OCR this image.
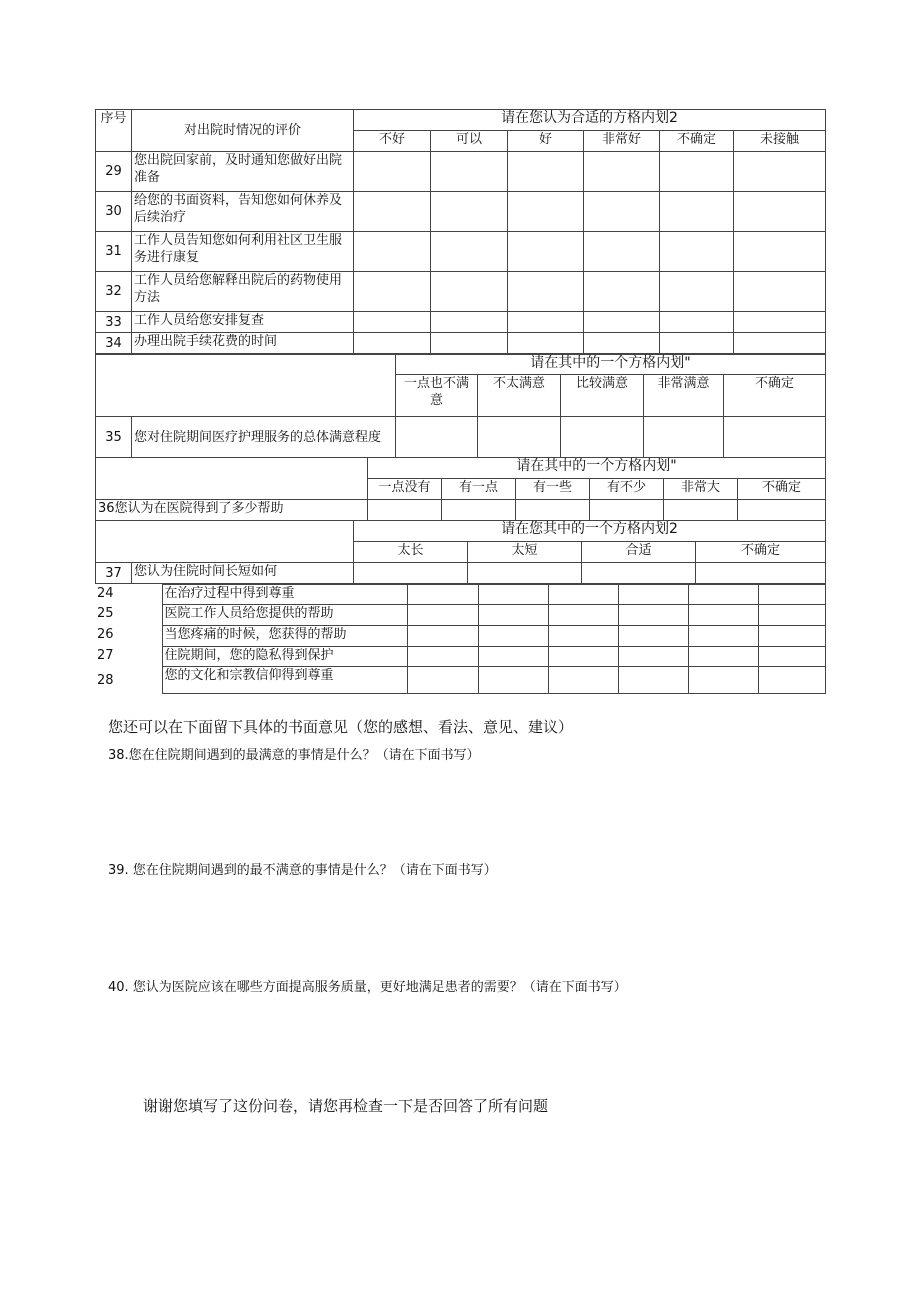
序号	对出院时情况的评价	请在您认为合适的方格内划2					
		不好	可以	好	非常好	不确定	未接触
29	您出院回家前，及时通知您做好出院准备						
30	给您的书面资料，告知您如何休养及后续治疗						
31	工作人员告知您如何利用社区卫生服务进行康复						
32	工作人员给您解释出院后的药物使用方法						
33	工作人员给您安排复查						
34	办理出院手续花费的时间						
		请在其中的一个方格内划"				
		一点也不满意	不太满意	比较满意	非常满意	不确定
35	您对住院期间医疗护理服务的总体满意程度					
	请在其中的一个方格内划"					
	一点没有	有一点	有一些	有不少	非常大	不确定
36您认为在医院得到了多少帮助						
		请在您其中的一个方格内划2			
		太长	太短	合适	不确定
37	您认为住院时间长短如何				
24	在治疗过程中得到尊重						
25	医院工作人员给您提供的帮助						
26	当您疼痛的时候，您获得的帮助						
27	住院期间，您的隐私得到保护						
28	您的文化和宗教信仰得到尊重						
您还可以在下面留下具体的书面意见（您的感想、看法、意见、建议）
38.您在住院期间遇到的最满意的事情是什么？（请在下面书写）
39. 您在住院期间遇到的最不满意的事情是什么？（请在下面书写）
40. 您认为医院应该在哪些方面提高服务质量，更好地满足患者的需要？（请在下面书写）
谢谢您填写了这份问卷，请您再检查一下是否回答了所有问题
